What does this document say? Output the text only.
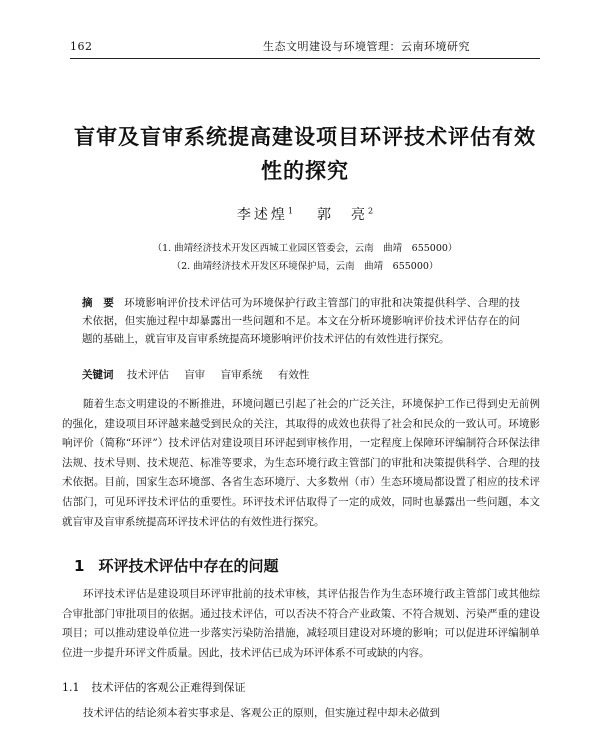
162	生态文明建设与环境管理：云南环境研究
盲审及盲审系统提高建设项目环评技术评估有效性的探究
李述煌$^1$ 郭　亮$^2$
（1. 曲靖经济技术开发区西城工业园区管委会，云南　曲靖　655000）
（2. 曲靖经济技术开发区环境保护局，云南　曲靖　655000）
摘　要 环境影响评价技术评估可为环境保护行政主管部门的审批和决策提供科学、合理的技术依据，但实施过程中却暴露出一些问题和不足。本文在分析环境影响评价技术评估存在的问题的基础上，就盲审及盲审系统提高环境影响评价技术评估的有效性进行探究。
关键词 技术评估 盲审 盲审系统 有效性
随着生态文明建设的不断推进，环境问题已引起了社会的广泛关注，环境保护工作已得到史无前例的强化，建设项目环评越来越受到民众的关注，其取得的成效也获得了社会和民众的一致认可。环境影响评价（简称“环评”）技术评估对建设项目环评起到审核作用，一定程度上保障环评编制符合环保法律法规、技术导则、技术规范、标准等要求，为生态环境行政主管部门的审批和决策提供科学、合理的技术依据。目前，国家生态环境部、各省生态环境厅、大多数州（市）生态环境局都设置了相应的技术评估部门，可见环评技术评估的重要性。环评技术评估取得了一定的成效，同时也暴露出一些问题，本文就盲审及盲审系统提高环评技术评估的有效性进行探究。
1 环评技术评估中存在的问题
环评技术评估是建设项目环评审批前的技术审核，其评估报告作为生态环境行政主管部门或其他综合审批部门审批项目的依据。通过技术评估，可以否决不符合产业政策、不符合规划、污染严重的建设项目；可以推动建设单位进一步落实污染防治措施，减轻项目建设对环境的影响；可以促进环评编制单位进一步提升环评文件质量。因此，技术评估已成为环评体系不可或缺的内容。
1.1 技术评估的客观公正难得到保证
技术评估的结论须本着实事求是、客观公正的原则，但实施过程中却未必做到
